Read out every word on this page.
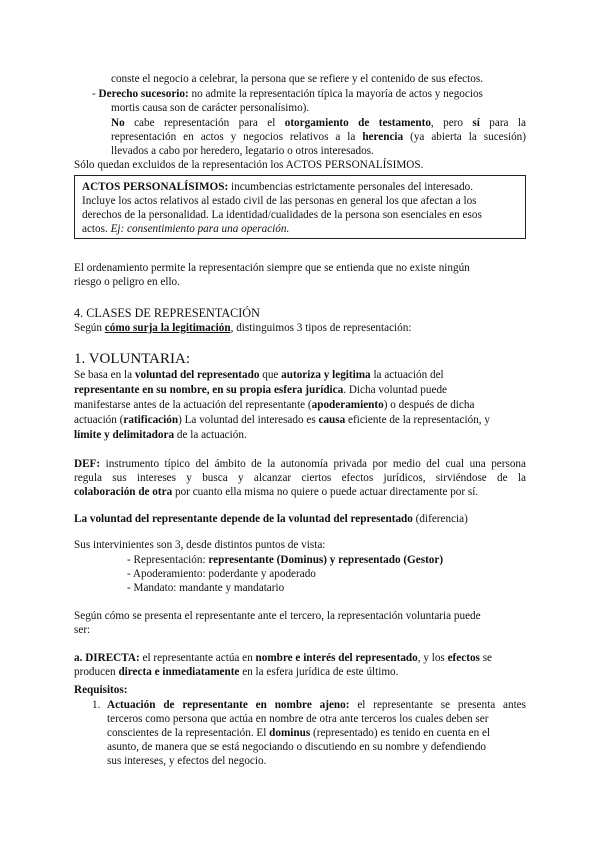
conste el negocio a celebrar, la persona que se refiere y el contenido de sus efectos.
- Derecho sucesorio: no admite la representación típica la mayoría de actos y negocios
mortis causa son de carácter personalísimo).
No cabe representación para el otorgamiento de testamento, pero sí para la
representación en actos y negocios relativos a la herencia (ya abierta la sucesión)
llevados a cabo por heredero, legatario o otros interesados.
Sólo quedan excluidos de la representación los ACTOS PERSONALÍSIMOS.
ACTOS PERSONALÍSIMOS: incumbencias estrictamente personales del interesado.
Incluye los actos relativos al estado civil de las personas en general los que afectan a los
derechos de la personalidad. La identidad/cualidades de la persona son esenciales en esos
actos. Ej: consentimiento para una operación.
El ordenamiento permite la representación siempre que se entienda que no existe ningún
riesgo o peligro en ello.
4. CLASES DE REPRESENTACIÓN
Según cómo surja la legitimación, distinguimos 3 tipos de representación:
1. VOLUNTARIA:
Se basa en la voluntad del representado que autoriza y legitima la actuación del
representante en su nombre, en su propia esfera jurídica. Dicha voluntad puede
manifestarse antes de la actuación del representante (apoderamiento) o después de dicha
actuación (ratificación) La voluntad del interesado es causa eficiente de la representación, y
límite y delimitadora de la actuación.
DEF: instrumento típico del ámbito de la autonomía privada por medio del cual una persona
regula sus intereses y busca y alcanzar ciertos efectos jurídicos, sirviéndose de la
colaboración de otra por cuanto ella misma no quiere o puede actuar directamente por sí.
La voluntad del representante depende de la voluntad del representado (diferencia)
Sus intervinientes son 3, desde distintos puntos de vista:
- Representación: representante (Dominus) y representado (Gestor)
- Apoderamiento: poderdante y apoderado
- Mandato: mandante y mandatario
Según cómo se presenta el representante ante el tercero, la representación voluntaria puede
ser:
a. DIRECTA: el representante actúa en nombre e interés del representado, y los efectos se
producen directa e inmediatamente en la esfera jurídica de este último.
Requisitos:
1. Actuación de representante en nombre ajeno: el representante se presenta antes
terceros como persona que actúa en nombre de otra ante terceros los cuales deben ser
conscientes de la representación. El dominus (representado) es tenido en cuenta en el
asunto, de manera que se está negociando o discutiendo en su nombre y defendiendo
sus intereses, y efectos del negocio.
